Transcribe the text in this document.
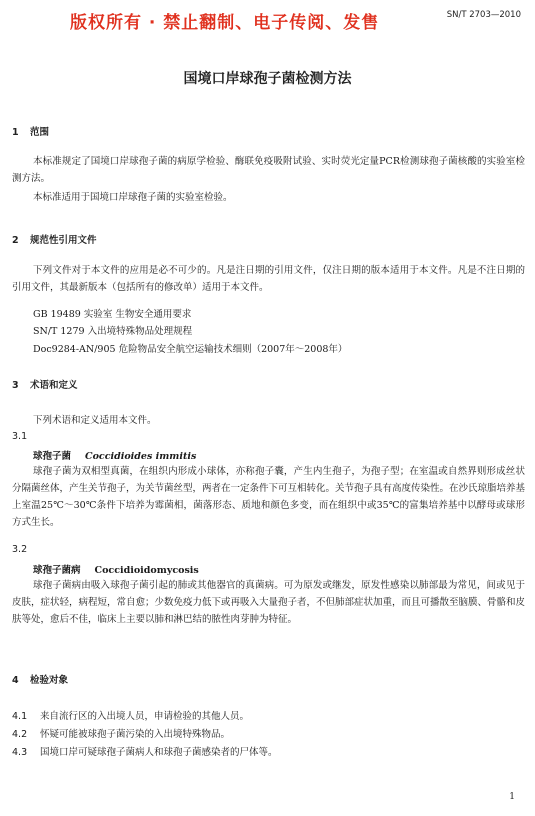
版权所有 · 禁止翻制、电子传阅、发售	SN/T 2703—2010
国境口岸球孢子菌检测方法
1 范围

本标准规定了国境口岸球孢子菌的病原学检验、酶联免疫吸附试验、实时荧光定量PCR检测球孢子菌核酸的实验室检测方法。

本标准适用于国境口岸球孢子菌的实验室检验。

2 规范性引用文件

下列文件对于本文件的应用是必不可少的。凡是注日期的引用文件，仅注日期的版本适用于本文件。凡是不注日期的引用文件，其最新版本（包括所有的修改单）适用于本文件。

GB 19489 实验室 生物安全通用要求
SN/T 1279 入出境特殊物品处理规程
Doc9284-AN/905 危险物品安全航空运输技术细则（2007年～2008年）
3 术语和定义
下列术语和定义适用本文件。
3.1
球孢子菌 Coccidioides immitis

球孢子菌为双相型真菌，在组织内形成小球体，亦称孢子囊，产生内生孢子，为孢子型；在室温或自然界则形成丝状分隔菌丝体，产生关节孢子，为关节菌丝型，两者在一定条件下可互相转化。关节孢子具有高度传染性。在沙氏琼脂培养基上室温25℃～30℃条件下培养为霉菌相，菌落形态、质地和颜色多变，而在组织中或35℃的富集培养基中以酵母或球形方式生长。

3.2
球孢子菌病 Coccidioidomycosis

球孢子菌病由吸入球孢子菌引起的肺或其他器官的真菌病。可为原发或继发，原发性感染以肺部最为常见，间或见于皮肤，症状轻，病程短，常自愈；少数免疫力低下或再吸入大量孢子者，不但肺部症状加重，而且可播散至脑膜、骨骼和皮肤等处，愈后不佳，临床上主要以肺和淋巴结的脓性肉芽肿为特征。

4 检验对象
4.1 来自流行区的入出境人员，申请检验的其他人员。
4.2 怀疑可能被球孢子菌污染的入出境特殊物品。
4.3 国境口岸可疑球孢子菌病人和球孢子菌感染者的尸体等。
1
